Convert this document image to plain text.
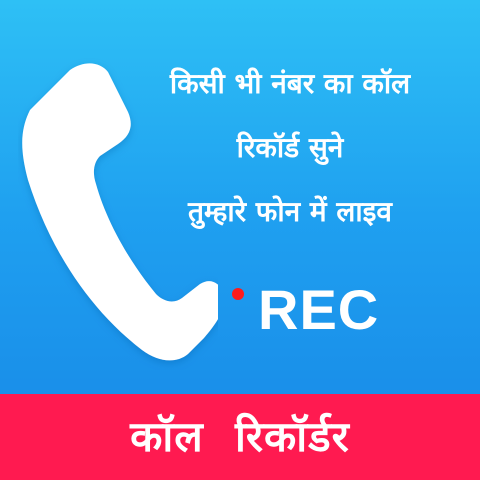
किसी भी नंबर का कॉल
रिकॉर्ड सुने
तुम्हारे फोन में लाइव
REC
कॉल  रिकॉर्डर
